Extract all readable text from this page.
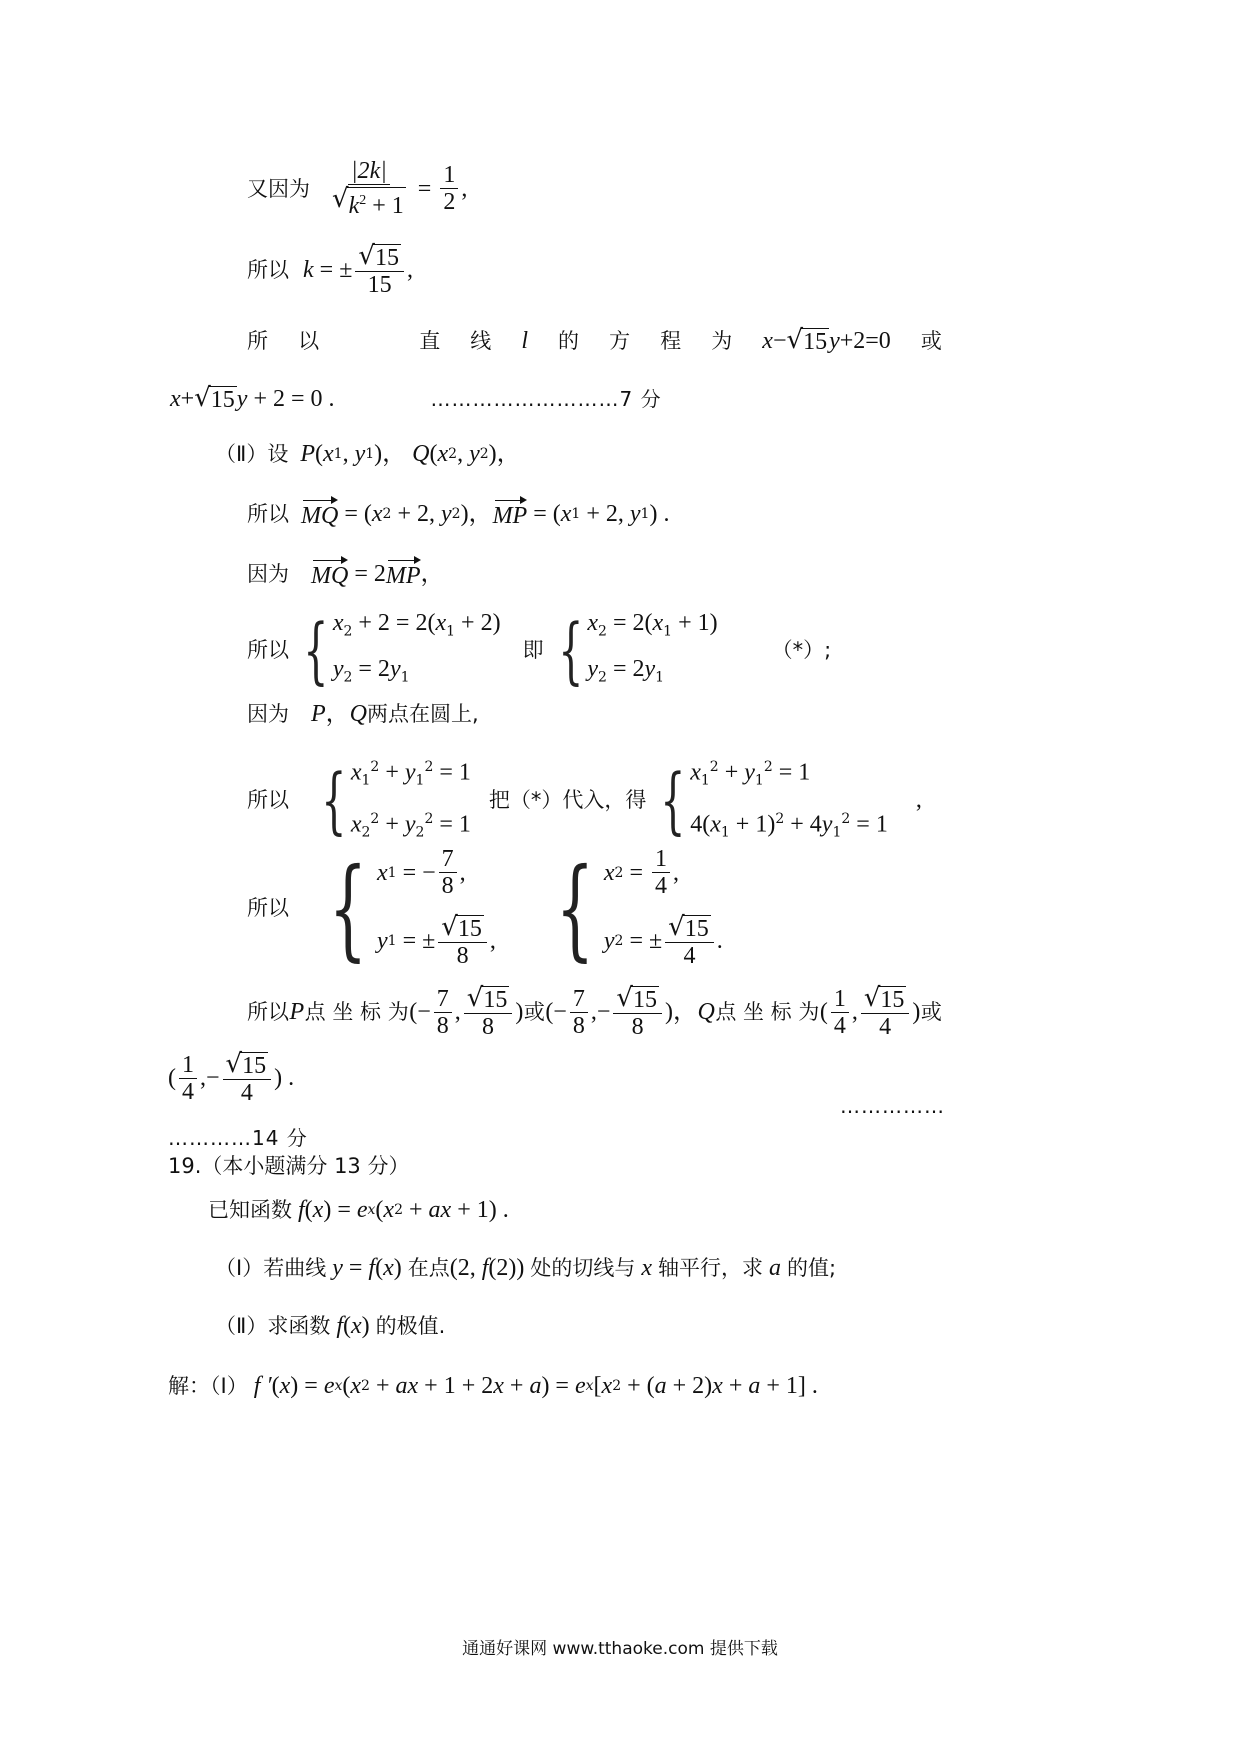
又因为 $\frac{|2k|}{√ k^2 + 1} = \frac{1}{2}$ ,
所以 k = ± $\frac{√ 15}{15}$ ,
所 以	直 线 l 的 方 程 为 x− √ 15 y+2=0 或
x + √ 15 y + 2 = 0 .	………………………7 分
（Ⅱ）设 P ( x 1 , y 1 )， Q ( x 2 , y 2 )，
所以 MQ = ( x 2 + 2, y 2 )， MP = ( x 1 + 2, y 1 ) .
因为 MQ = 2 MP ，
所以 { $x_2 + 2 = 2(x_1 + 2)$
$y_2 = 2y_1$
即 { $x_2 = 2(x_1 + 1)$
$y_2 = 2y_1$
（*）;
因为 P ， Q 两点在圆上,
所以 { $x_1^2 + y_1^2 = 1$
$x_2^2 + y_2^2 = 1$
把（*）代入，得 { $x_1^2 + y_1^2 = 1$
$4(x_1 + 1)^2 + 4y_1^2 = 1$
,
所以 { x 1 = − $\frac{7}{8}$ ,
y 1 = ± $\frac{√ 15}{8}$ , { x $2 = \frac{1}{4}$ ,
y 2 = ± $\frac{√ 15}{4}$ .
所以 P 点 坐 标 为 (− $\frac{7}{8}$ , $\frac{√ 15}{8}$ ) 或 (− $\frac{7}{8}$ ,− $\frac{√ 15}{8}$ )， Q 点 坐 标 为 ( $\frac{1}{4}$ , $\frac{√ 15}{4}$ ) 或
( $\frac{1}{4}$ ,− $\frac{√ 15}{4}$ ) .
……………
…………14 分
19.（本小题满分 13 分）
已知函数 f ( x ) = e x ( x 2 + ax + 1) .
（Ⅰ）若曲线 y = f ( x ) 在点 (2, f (2)) 处的切线与 x 轴平行，求 a 的值;
（Ⅱ）求函数 f ( x ) 的极值.
解：（Ⅰ） f ′ ( x ) = e x ( x 2 + ax + 1 + 2 x + a ) = e x [ x 2 + ( a + 2) x + a + 1] .
通通好课网 www.tthaoke.com 提供下载
